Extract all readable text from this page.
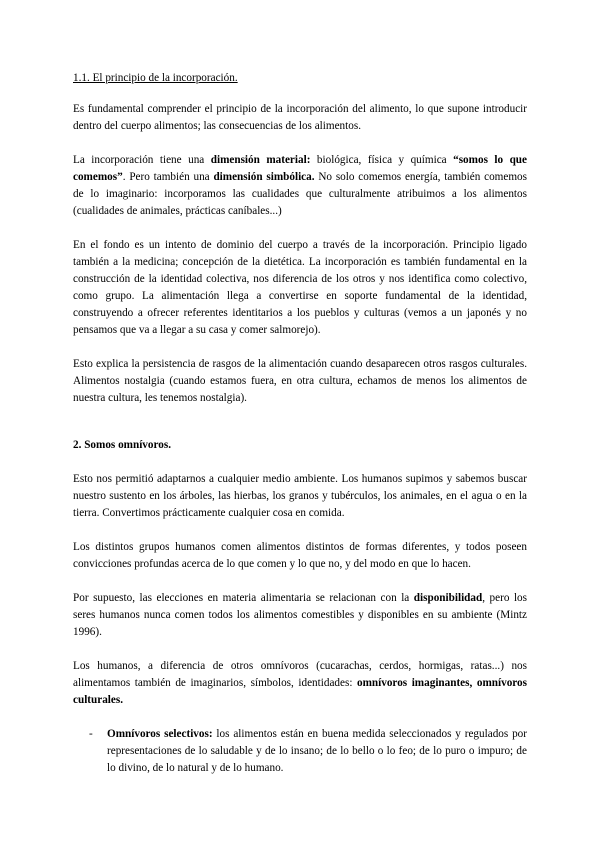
1.1. El principio de la incorporación.

Es fundamental comprender el principio de la incorporación del alimento, lo que supone introducir dentro del cuerpo alimentos; las consecuencias de los alimentos.

La incorporación tiene una dimensión material: biológica, física y química “somos lo que comemos”. Pero también una dimensión simbólica. No solo comemos energía, también comemos de lo imaginario: incorporamos las cualidades que culturalmente atribuimos a los alimentos (cualidades de animales, prácticas caníbales...)

En el fondo es un intento de dominio del cuerpo a través de la incorporación. Principio ligado también a la medicina; concepción de la dietética. La incorporación es también fundamental en la construcción de la identidad colectiva, nos diferencia de los otros y nos identifica como colectivo, como grupo. La alimentación llega a convertirse en soporte fundamental de la identidad, construyendo a ofrecer referentes identitarios a los pueblos y culturas (vemos a un japonés y no pensamos que va a llegar a su casa y comer salmorejo).

Esto explica la persistencia de rasgos de la alimentación cuando desaparecen otros rasgos culturales. Alimentos nostalgia (cuando estamos fuera, en otra cultura, echamos de menos los alimentos de nuestra cultura, les tenemos nostalgia).

2. Somos omnívoros.

Esto nos permitió adaptarnos a cualquier medio ambiente. Los humanos supimos y sabemos buscar nuestro sustento en los árboles, las hierbas, los granos y tubérculos, los animales, en el agua o en la tierra. Convertimos prácticamente cualquier cosa en comida.

Los distintos grupos humanos comen alimentos distintos de formas diferentes, y todos poseen convicciones profundas acerca de lo que comen y lo que no, y del modo en que lo hacen.

Por supuesto, las elecciones en materia alimentaria se relacionan con la disponibilidad, pero los seres humanos nunca comen todos los alimentos comestibles y disponibles en su ambiente (Mintz 1996).

Los humanos, a diferencia de otros omnívoros (cucarachas, cerdos, hormigas, ratas...) nos alimentamos también de imaginarios, símbolos, identidades: omnívoros imaginantes, omnívoros culturales.

-	Omnívoros selectivos: los alimentos están en buena medida seleccionados y regulados por representaciones de lo saludable y de lo insano; de lo bello o lo feo; de lo puro o impuro; de lo divino, de lo natural y de lo humano.
